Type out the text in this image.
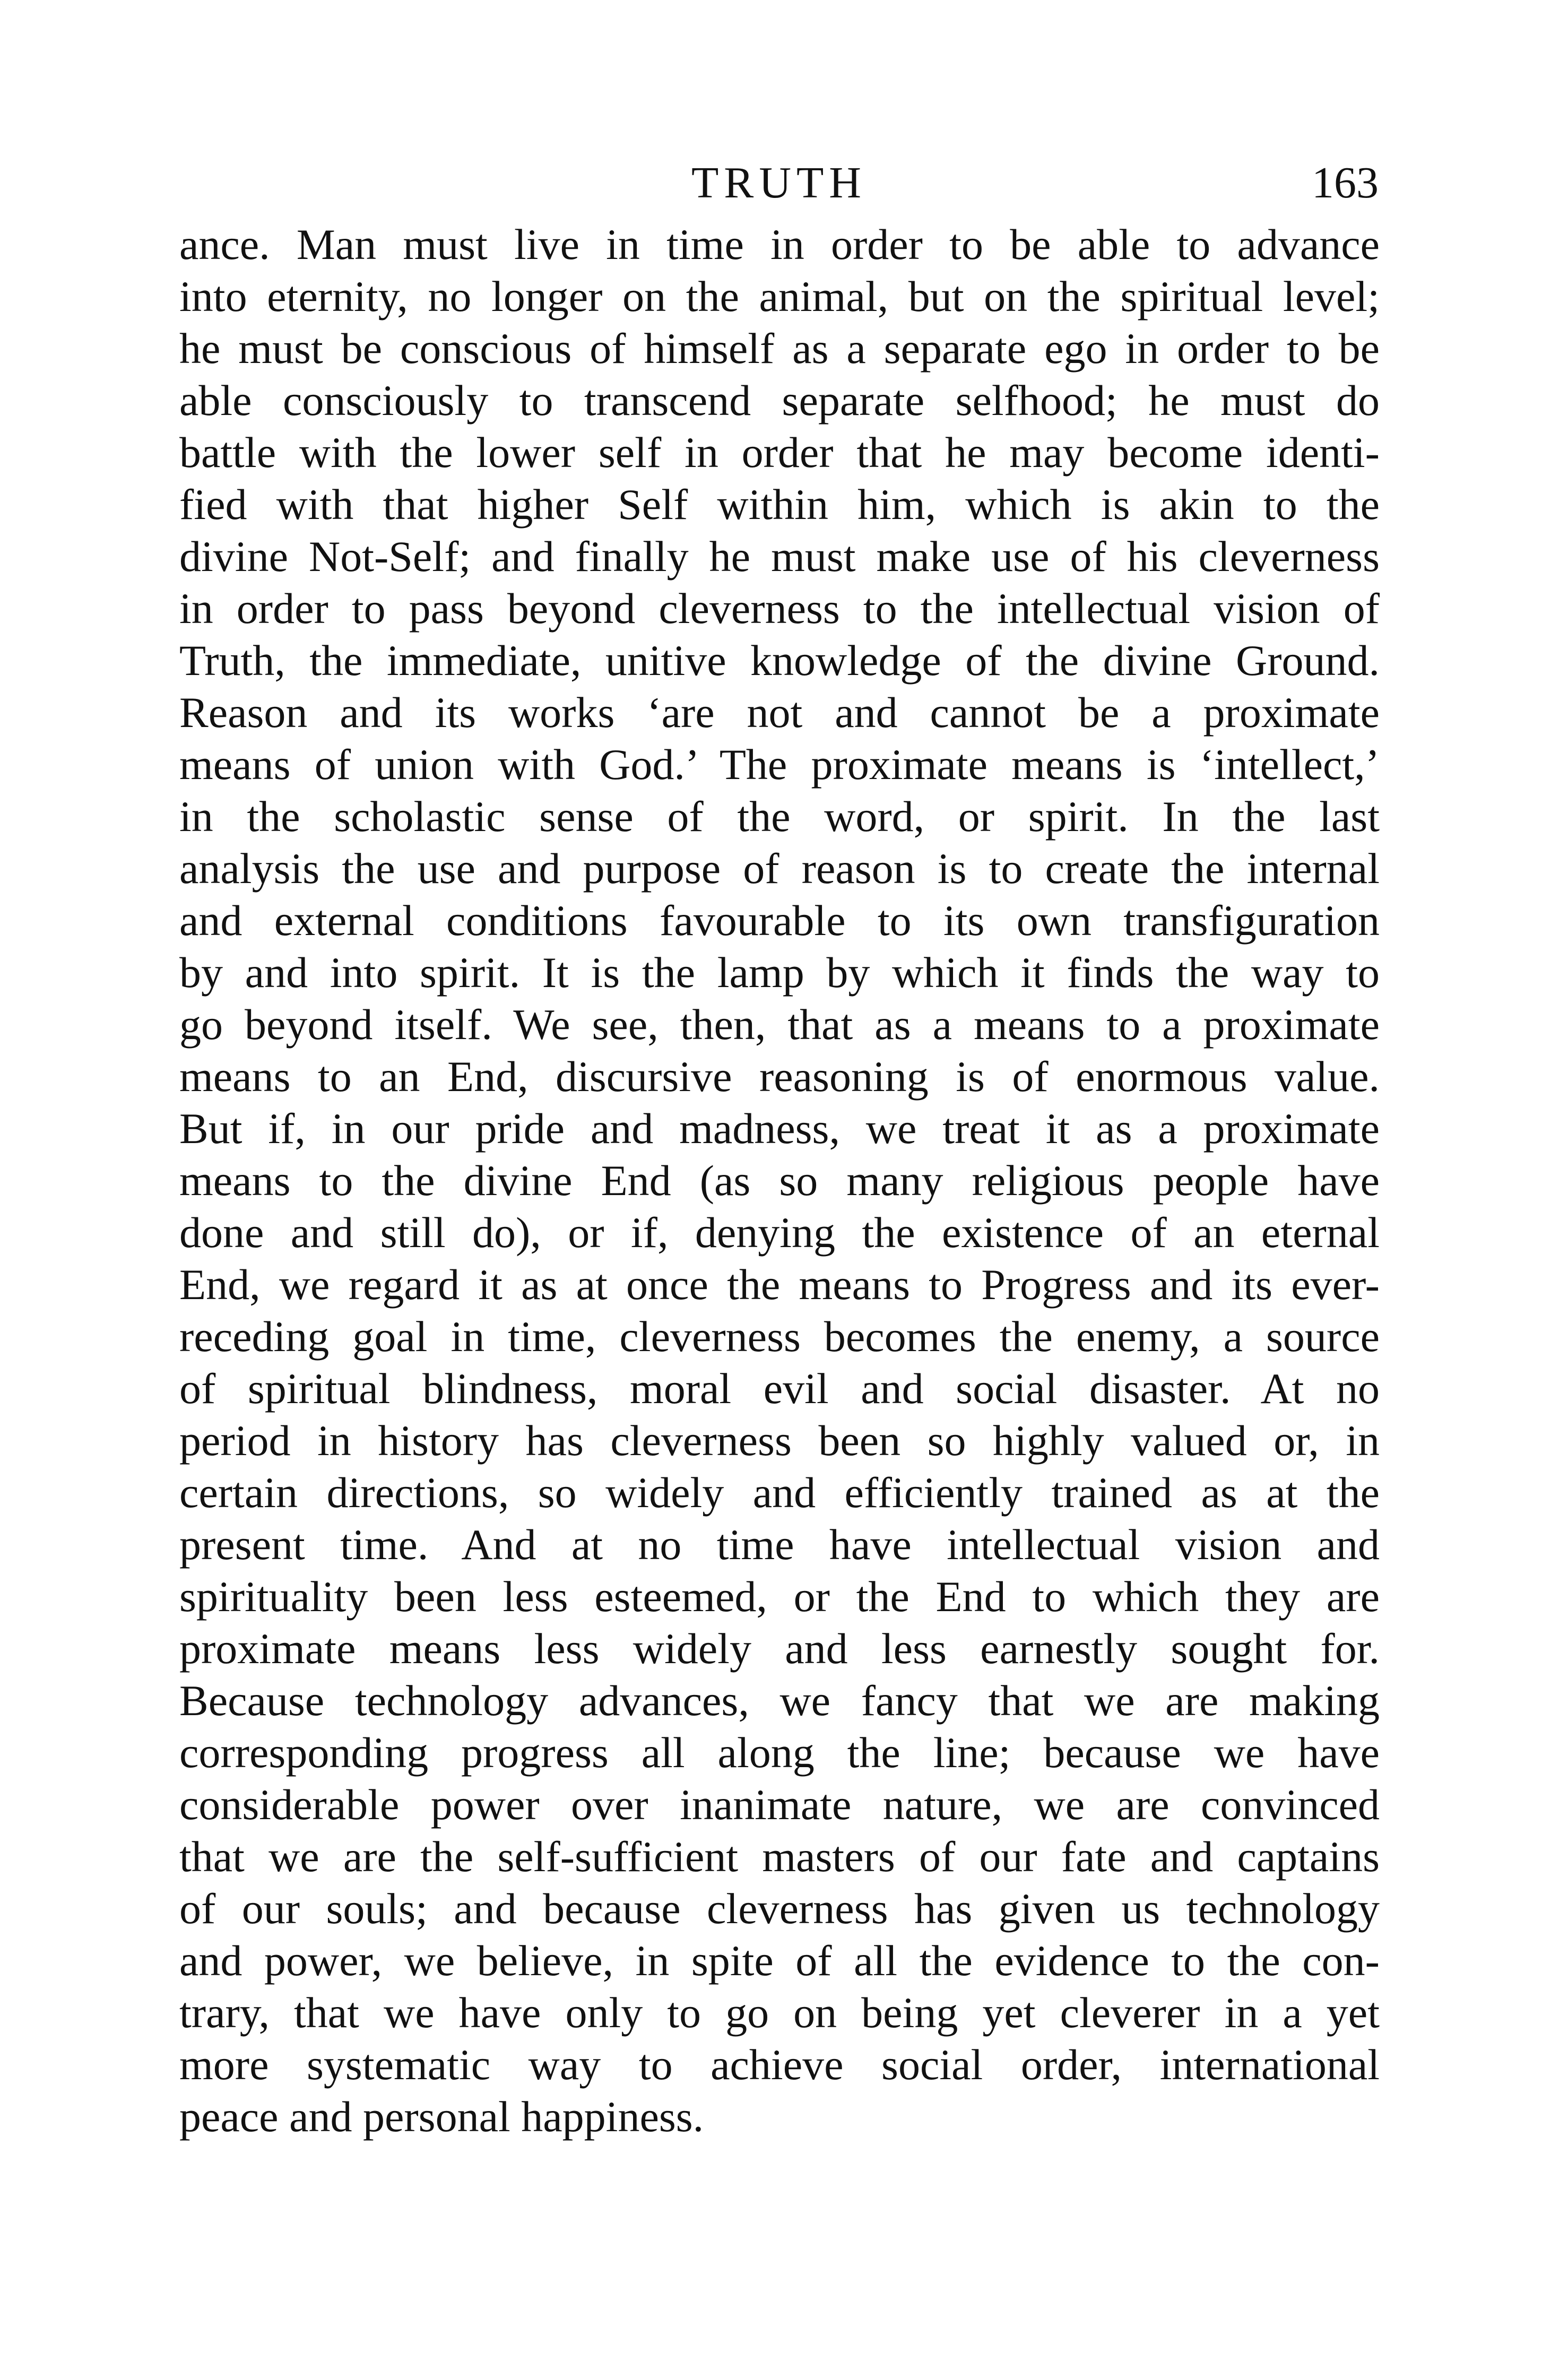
TRUTH	163
ance. Man must live in time in order to be able to advance
into eternity, no longer on the animal, but on the spiritual level;
he must be conscious of himself as a separate ego in order to be
able consciously to transcend separate selfhood; he must do
battle with the lower self in order that he may become identi-
fied with that higher Self within him, which is akin to the
divine Not-Self; and finally he must make use of his cleverness
in order to pass beyond cleverness to the intellectual vision of
Truth, the immediate, unitive knowledge of the divine Ground.
Reason and its works ‘are not and cannot be a proximate
means of union with God.’ The proximate means is ‘intellect,’
in the scholastic sense of the word, or spirit. In the last
analysis the use and purpose of reason is to create the internal
and external conditions favourable to its own transfiguration
by and into spirit. It is the lamp by which it finds the way to
go beyond itself. We see, then, that as a means to a proximate
means to an End, discursive reasoning is of enormous value.
But if, in our pride and madness, we treat it as a proximate
means to the divine End (as so many religious people have
done and still do), or if, denying the existence of an eternal
End, we regard it as at once the means to Progress and its ever-
receding goal in time, cleverness becomes the enemy, a source
of spiritual blindness, moral evil and social disaster. At no
period in history has cleverness been so highly valued or, in
certain directions, so widely and efficiently trained as at the
present time. And at no time have intellectual vision and
spirituality been less esteemed, or the End to which they are
proximate means less widely and less earnestly sought for.
Because technology advances, we fancy that we are making
corresponding progress all along the line; because we have
considerable power over inanimate nature, we are convinced
that we are the self-sufficient masters of our fate and captains
of our souls; and because cleverness has given us technology
and power, we believe, in spite of all the evidence to the con-
trary, that we have only to go on being yet cleverer in a yet
more systematic way to achieve social order, international
peace and personal happiness.
